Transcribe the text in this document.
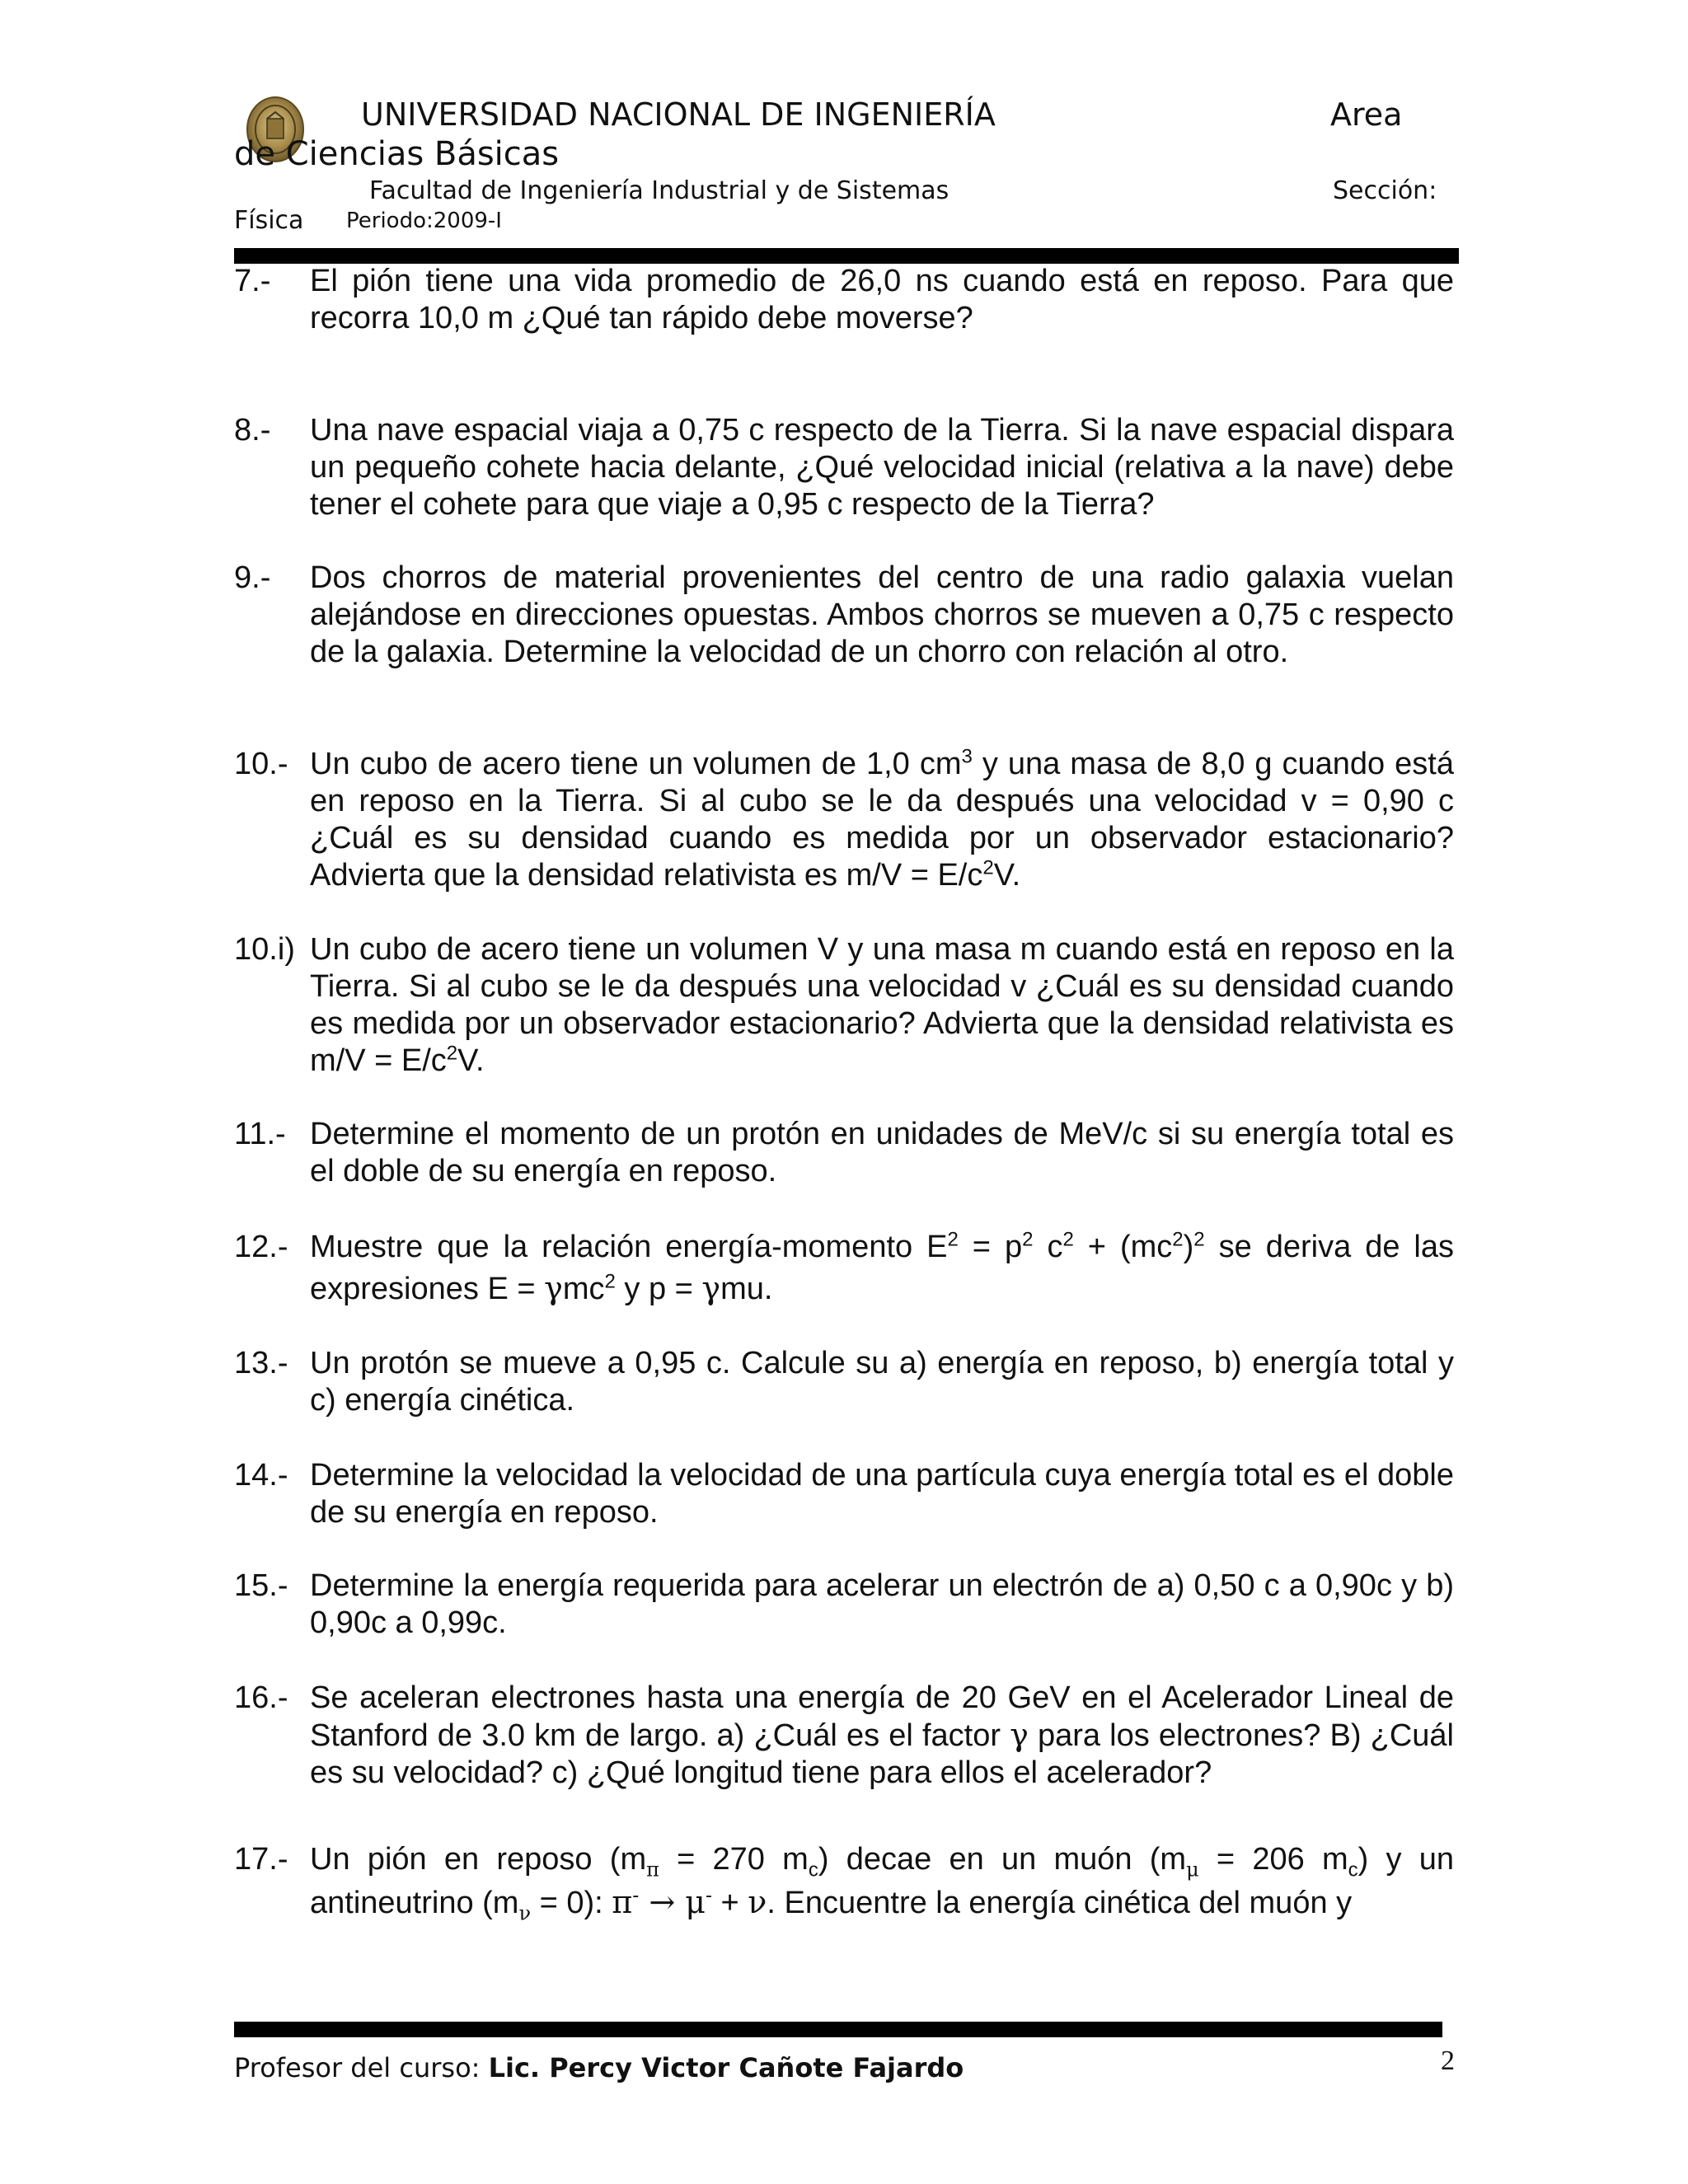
UNIVERSIDAD NACIONAL DE INGENIERÍA	Area
de Ciencias Básicas
Facultad de Ingeniería Industrial y de Sistemas	Sección:
Física Periodo:2009-I
7.- El pión tiene una vida promedio de 26,0 ns cuando está en reposo. Para que recorra 10,0 m ¿Qué tan rápido debe moverse?
8.- Una nave espacial viaja a 0,75 c respecto de la Tierra. Si la nave espacial dispara un pequeño cohete hacia delante, ¿Qué velocidad inicial (relativa a la nave) debe tener el cohete para que viaje a 0,95 c respecto de la Tierra?
9.- Dos chorros de material provenientes del centro de una radio galaxia vuelan alejándose en direcciones opuestas. Ambos chorros se mueven a 0,75 c respecto de la galaxia. Determine la velocidad de un chorro con relación al otro.
10.- Un cubo de acero tiene un volumen de 1,0 $cm^3$ y una masa de 8,0 g cuando está en reposo en la Tierra. Si al cubo se le da después una velocidad v = 0,90 c ¿Cuál es su densidad cuando es medida por un observador estacionario? Advierta que la densidad relativista es $m/V = E/c^2V$.
10.i) Un cubo de acero tiene un volumen V y una masa m cuando está en reposo en la Tierra. Si al cubo se le da después una velocidad v ¿Cuál es su densidad cuando es medida por un observador estacionario? Advierta que la densidad relativista es $m/V = E/c^2V$.
11.- Determine el momento de un protón en unidades de MeV/c si su energía total es el doble de su energía en reposo.
12.- Muestre que la relación energía-momento $E^2 = p^2$ $c^2 + (mc^2)^2$ se deriva de las expresiones E = γmc$^2$ y p = γmu.
13.- Un protón se mueve a 0,95 c. Calcule su a) energía en reposo, b) energía total y c) energía cinética.
14.- Determine la velocidad la velocidad de una partícula cuya energía total es el doble de su energía en reposo.
15.- Determine la energía requerida para acelerar un electrón de a) 0,50 c a 0,90c y b) 0,90c a 0,99c.
16.- Se aceleran electrones hasta una energía de 20 GeV en el Acelerador Lineal de Stanford de 3.0 km de largo. a) ¿Cuál es el factor γ para los electrones? B) ¿Cuál es su velocidad? c) ¿Qué longitud tiene para ellos el acelerador?
17.- Un pión en reposo ($m_\pi = 270$ $m_c$) decae en un muón ($m_\mu = 206$ $m_c$) y un antineutrino $(m_\nu = 0)$: π- → μ- + ν. Encuentre la energía cinética del muón y
Profesor del curso: Lic. Percy Victor Cañote Fajardo	2
